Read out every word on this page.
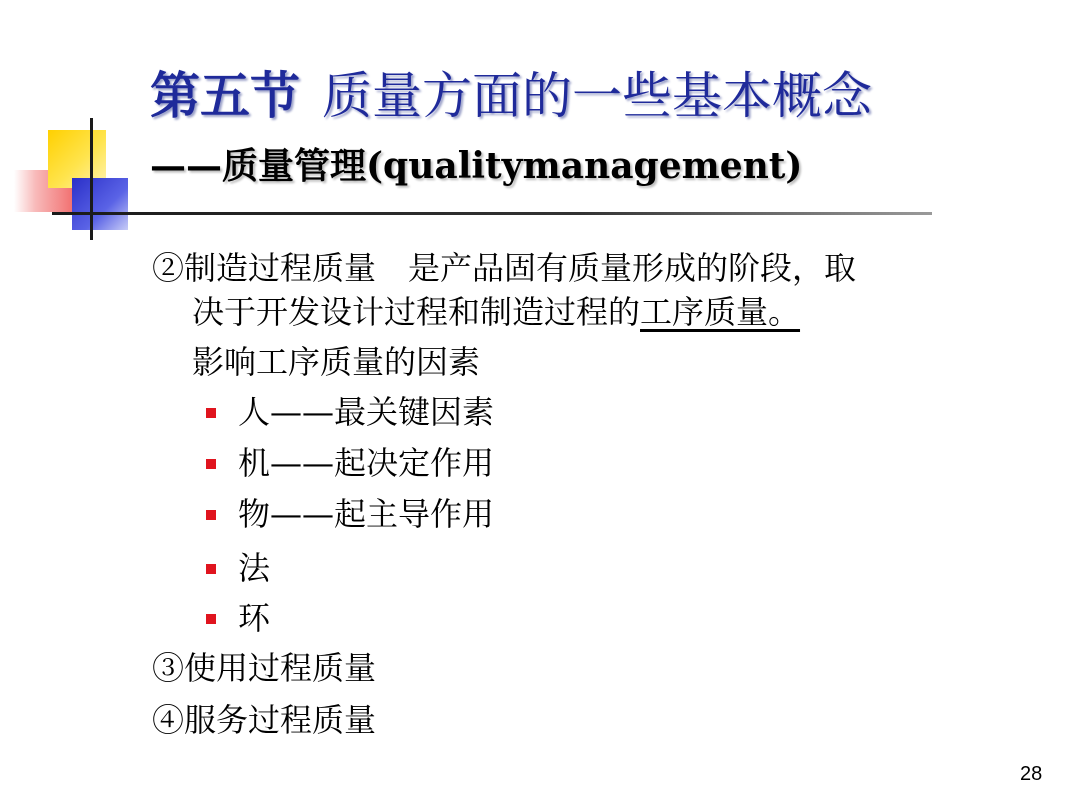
第五节 质量方面的一些基本概念
——质量管理(qualitymanagement)
②制造过程质量　是产品固有质量形成的阶段，取
决于开发设计过程和制造过程的工序质量。
影响工序质量的因素
人——最关键因素
机——起决定作用
物——起主导作用
法
环
③使用过程质量
④服务过程质量
28
